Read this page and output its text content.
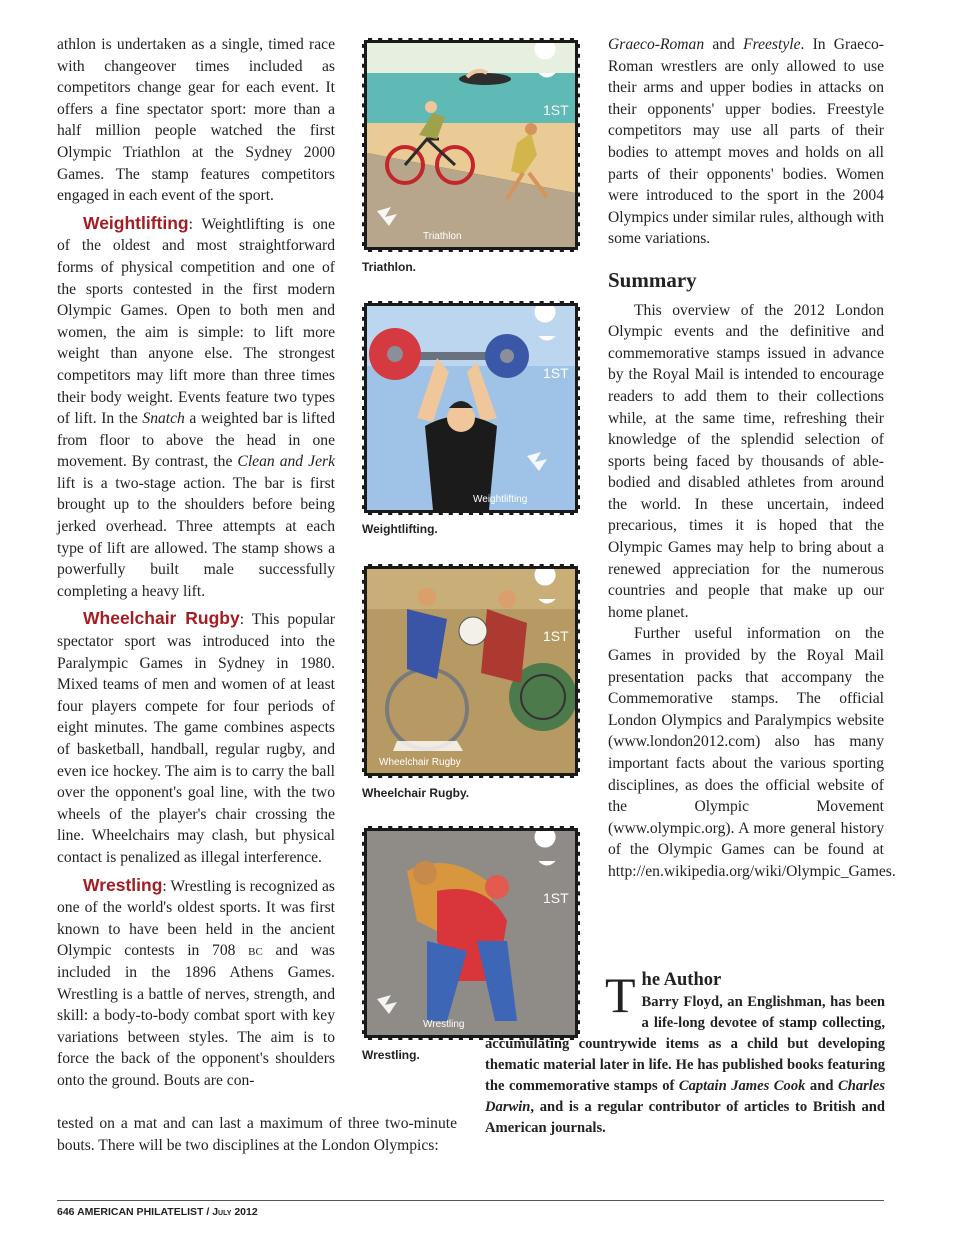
athlon is undertaken as a single, timed race with changeover times included as competitors change gear for each event. It offers a fine spectator sport: more than a half million people watched the first Olympic Triathlon at the Sydney 2000 Games. The stamp features competitors engaged in each event of the sport.

Weightlifting: Weightlifting is one of the oldest and most straightforward forms of physical competition and one of the sports contested in the first modern Olympic Games. Open to both men and women, the aim is simple: to lift more weight than anyone else. The strongest competitors may lift more than three times their body weight. Events feature two types of lift. In the Snatch a weighted bar is lifted from floor to above the head in one movement. By contrast, the Clean and Jerk lift is a two-stage action. The bar is first brought up to the shoulders before being jerked overhead. Three attempts at each type of lift are allowed. The stamp shows a powerfully built male successfully completing a heavy lift.

Wheelchair Rugby: This popular spectator sport was introduced into the Paralympic Games in Sydney in 1980. Mixed teams of men and women of at least four players compete for four periods of eight minutes. The game combines aspects of basketball, handball, regular rugby, and even ice hockey. The aim is to carry the ball over the opponent's goal line, with the two wheels of the player's chair crossing the line. Wheelchairs may clash, but physical contact is penalized as illegal interference.

Wrestling: Wrestling is recognized as one of the world's oldest sports. It was first known to have been held in the ancient Olympic contests in 708 bc and was included in the 1896 Athens Games. Wrestling is a battle of nerves, strength, and skill: a body-to-body combat sport with key variations between styles. The aim is to force the back of the opponent's shoulders onto the ground. Bouts are con-

tested on a mat and can last a maximum of three two-minute bouts. There will be two disciplines at the London Olympics:
1ST
Triathlon
Triathlon.
1ST
Weightlifting
Weightlifting.
1ST
Wheelchair Rugby
Wheelchair Rugby.
1ST
Wrestling
Wrestling.

Graeco-Roman and Freestyle. In Graeco-Roman wrestlers are only allowed to use their arms and upper bodies in attacks on their opponents' upper bodies. Freestyle competitors may use all parts of their bodies to attempt moves and holds on all parts of their opponents' bodies. Women were introduced to the sport in the 2004 Olympics under similar rules, although with some variations.

Summary

This overview of the 2012 London Olympic events and the definitive and commemorative stamps issued in advance by the Royal Mail is intended to encourage readers to add them to their collections while, at the same time, refreshing their knowledge of the splendid selection of sports being faced by thousands of able-bodied and disabled athletes from around the world. In these uncertain, indeed precarious, times it is hoped that the Olympic Games may help to bring about a renewed appreciation for the numerous countries and people that make up our home planet.

Further useful information on the Games in provided by the Royal Mail presentation packs that accompany the Commemorative stamps. The official London Olympics and Paralympics website (www.london2012.com) also has many important facts about the various sporting disciplines, as does the official website of the Olympic Movement (www.olympic.org). A more general history of the Olympic Games can be found at http://en.wikipedia.org/wiki/Olympic_Games.

The Author
Barry Floyd, an Englishman, has been a life-long devotee of stamp collecting, accumulating countrywide items as a child but developing thematic material later in life. He has published books featuring the commemorative stamps of Captain James Cook and Charles Darwin, and is a regular contributor of articles to British and American journals.
646 AMERICAN PHILATELIST / July 2012
